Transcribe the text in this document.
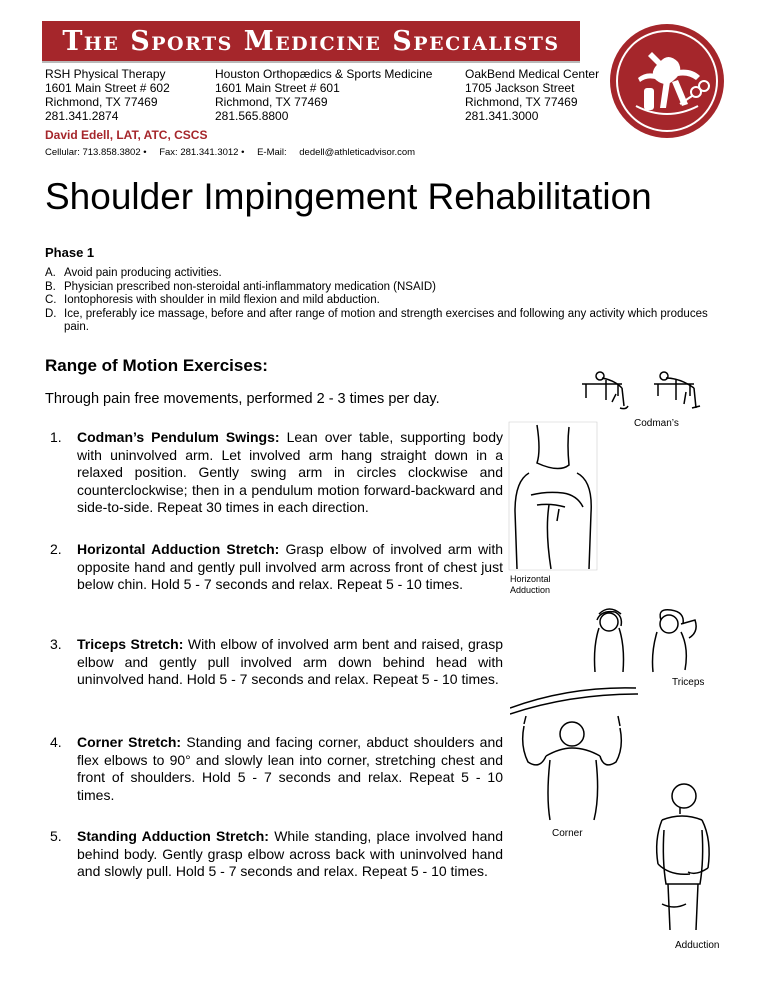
The Sports Medicine Specialists
RSH Physical Therapy
1601 Main Street # 602
Richmond, TX 77469
281.341.2874
Houston Orthopædics & Sports Medicine
1601 Main Street # 601
Richmond, TX 77469
281.565.8800
OakBend Medical Center
1705 Jackson Street
Richmond, TX 77469
281.341.3000
David Edell, LAT, ATC, CSCS
Cellular: 713.858.3802 • Fax: 281.341.3012 • E-Mail: dedell@athleticadvisor.com
Shoulder Impingement Rehabilitation
Phase 1
A. Avoid pain producing activities.
B. Physician prescribed non-steroidal anti-inflammatory medication (NSAID)
C. Iontophoresis with shoulder in mild flexion and mild abduction.
D. Ice, preferably ice massage, before and after range of motion and strength exercises and following any activity which produces pain.
Range of Motion Exercises:
Through pain free movements, performed 2 - 3 times per day.
1.	Codman’s Pendulum Swings: Lean over table, supporting body with uninvolved arm. Let involved arm hang straight down in a relaxed position. Gently swing arm in circles clockwise and counterclockwise; then in a pendulum motion forward-backward and side-to-side. Repeat 30 times in each direction.
2.	Horizontal Adduction Stretch: Grasp elbow of involved arm with opposite hand and gently pull involved arm across front of chest just below chin. Hold 5 - 7 seconds and relax. Repeat 5 - 10 times.
3.	Triceps Stretch: With elbow of involved arm bent and raised, grasp elbow and gently pull involved arm down behind head with uninvolved hand. Hold 5 - 7 seconds and relax. Repeat 5 - 10 times.
4.	Corner Stretch: Standing and facing corner, abduct shoulders and flex elbows to 90° and slowly lean into corner, stretching chest and front of shoulders. Hold 5 - 7 seconds and relax. Repeat 5 - 10 times.
5.	Standing Adduction Stretch: While standing, place involved hand behind body. Gently grasp elbow across back with uninvolved hand and slowly pull. Hold 5 - 7 seconds and relax. Repeat 5 - 10 times.
Codman’s
Horizontal
Adduction
Triceps
Corner
Adduction
